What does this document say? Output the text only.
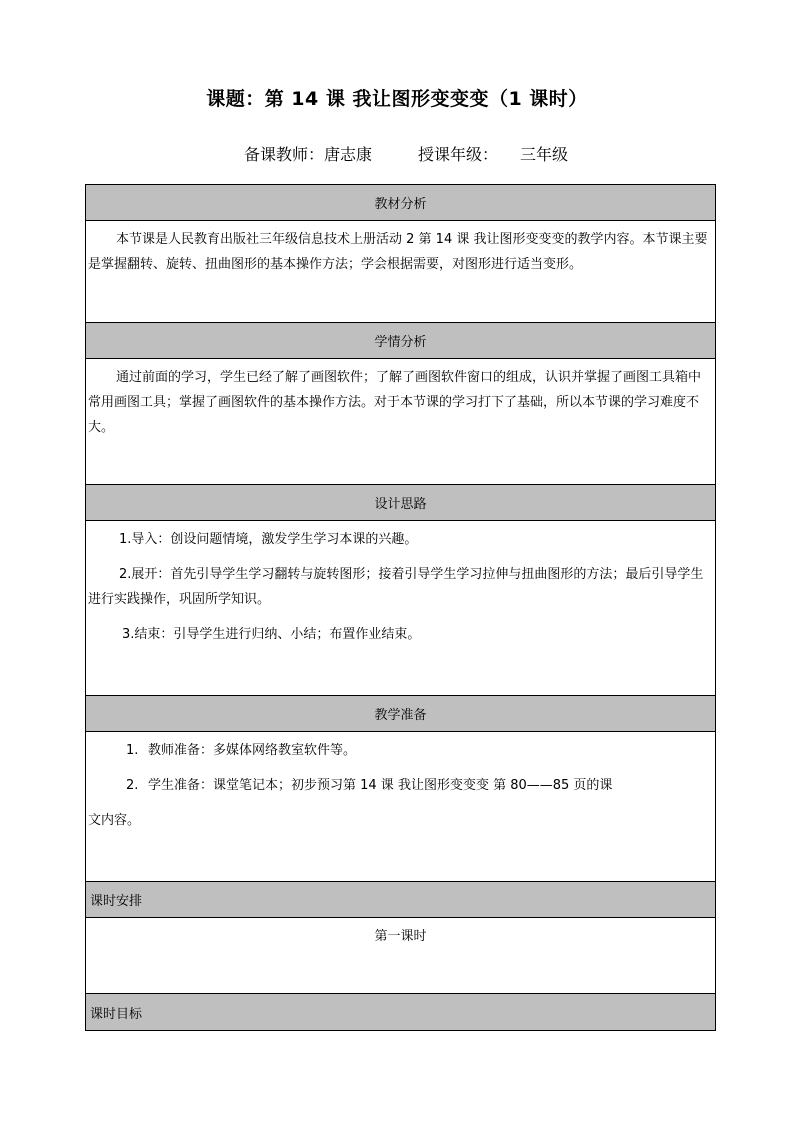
课题：第 14 课 我让图形变变变（1 课时）
备课教师：唐志康	授课年级： 三年级
教材分析

本节课是人民教育出版社三年级信息技术上册活动 2 第 14 课 我让图形变变变的教学内容。本节课主要是掌握翻转、旋转、扭曲图形的基本操作方法；学会根据需要，对图形进行适当变形。

学情分析

通过前面的学习，学生已经了解了画图软件；了解了画图软件窗口的组成，认识并掌握了画图工具箱中常用画图工具；掌握了画图软件的基本操作方法。对于本节课的学习打下了基础，所以本节课的学习难度不大。

设计思路

1.导入：创设问题情境，激发学生学习本课的兴趣。

2.展开：首先引导学生学习翻转与旋转图形；接着引导学生学习拉伸与扭曲图形的方法；最后引导学生进行实践操作，巩固所学知识。

3.结束：引导学生进行归纳、小结；布置作业结束。

教学准备

1. 教师准备：多媒体网络教室软件等。

2. 学生准备：课堂笔记本；初步预习第 14 课 我让图形变变变 第 80——85 页的课

文内容。

课时安排
第一课时
课时目标
